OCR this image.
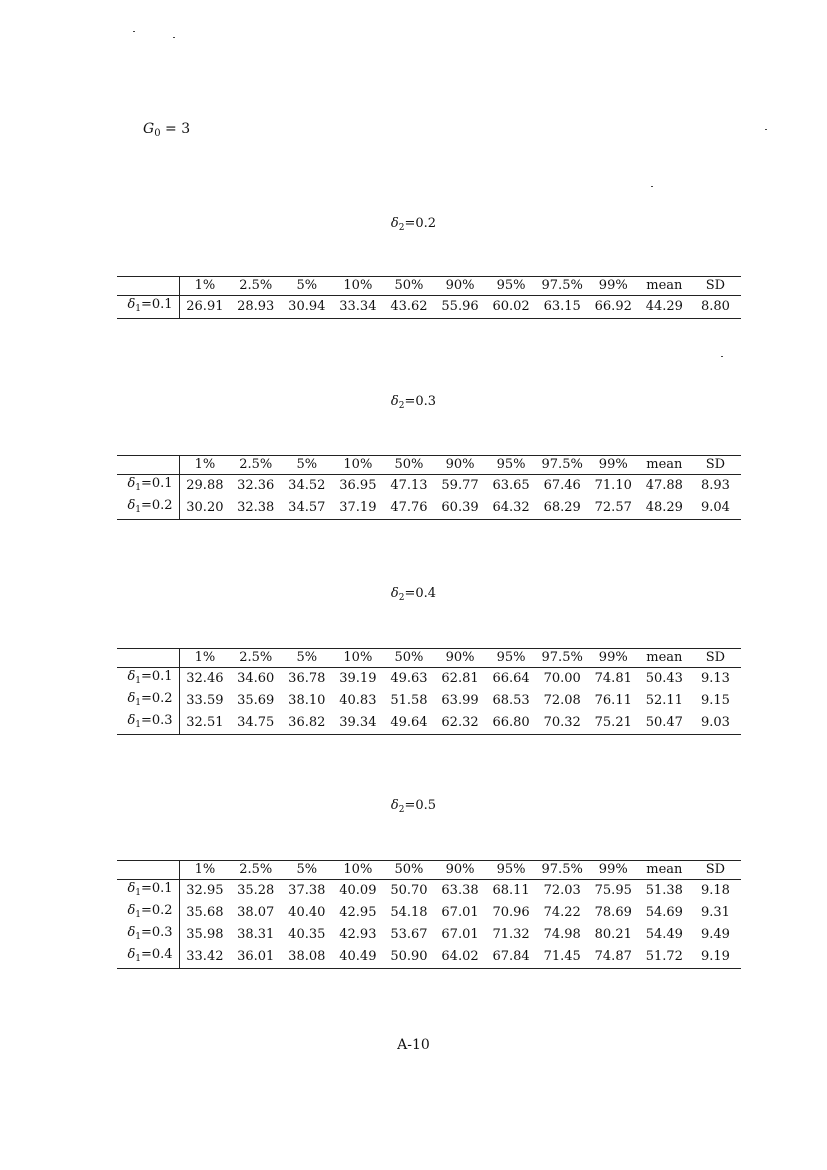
$G_0 = 3$
$\delta_2=0.2$
$\delta_2=0.3$
$\delta_2=0.4$
$\delta_2=0.5$
	1%	2.5%	5%	10%	50%	90%	95%	97.5%	99%	mean	SD
$\delta_1=0.1$	26.91	28.93	30.94	33.34	43.62	55.96	60.02	63.15	66.92	44.29	8.80
	1%	2.5%	5%	10%	50%	90%	95%	97.5%	99%	mean	SD
$\delta_1=0.1$	29.88	32.36	34.52	36.95	47.13	59.77	63.65	67.46	71.10	47.88	8.93
$\delta_1=0.2$	30.20	32.38	34.57	37.19	47.76	60.39	64.32	68.29	72.57	48.29	9.04
	1%	2.5%	5%	10%	50%	90%	95%	97.5%	99%	mean	SD
$\delta_1=0.1$	32.46	34.60	36.78	39.19	49.63	62.81	66.64	70.00	74.81	50.43	9.13
$\delta_1=0.2$	33.59	35.69	38.10	40.83	51.58	63.99	68.53	72.08	76.11	52.11	9.15
$\delta_1=0.3$	32.51	34.75	36.82	39.34	49.64	62.32	66.80	70.32	75.21	50.47	9.03
	1%	2.5%	5%	10%	50%	90%	95%	97.5%	99%	mean	SD
$\delta_1=0.1$	32.95	35.28	37.38	40.09	50.70	63.38	68.11	72.03	75.95	51.38	9.18
$\delta_1=0.2$	35.68	38.07	40.40	42.95	54.18	67.01	70.96	74.22	78.69	54.69	9.31
$\delta_1=0.3$	35.98	38.31	40.35	42.93	53.67	67.01	71.32	74.98	80.21	54.49	9.49
$\delta_1=0.4$	33.42	36.01	38.08	40.49	50.90	64.02	67.84	71.45	74.87	51.72	9.19
A-10
